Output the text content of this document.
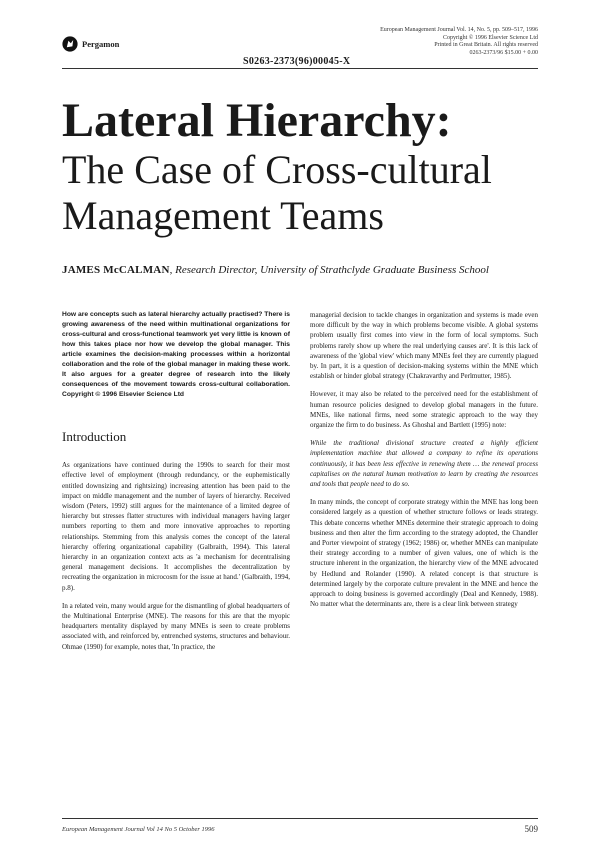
Pergamon
European Management Journal Vol. 14, No. 5, pp. 509–517, 1996
Copyright © 1996 Elsevier Science Ltd
Printed in Great Britain. All rights reserved
0263-2373/96 $15.00 + 0.00
S0263-2373(96)00045-X
Lateral Hierarchy:
The Case of Cross-cultural
Management Teams
JAMES McCALMAN, Research Director, University of Strathclyde Graduate Business School

How are concepts such as lateral hierarchy actually practised? There is growing awareness of the need within multinational organizations for cross-cultural and cross-functional teamwork yet very little is known of how this takes place nor how we develop the global manager. This article examines the decision-making processes within a horizontal collaboration and the role of the global manager in making these work. It also argues for a greater degree of research into the likely consequences of the movement towards cross-cultural collaboration. Copyright © 1996 Elsevier Science Ltd

Introduction

As organizations have continued during the 1990s to search for their most effective level of employment (through redundancy, or the euphemistically entitled downsizing and rightsizing) increasing attention has been paid to the impact on middle management and the number of layers of hierarchy. Received wisdom (Peters, 1992) still argues for the maintenance of a limited degree of hierarchy but stresses flatter structures with individual managers having larger numbers reporting to them and more innovative approaches to reporting relationships. Stemming from this analysis comes the concept of the lateral hierarchy offering organizational capability (Galbraith, 1994). This lateral hierarchy in an organization context acts as 'a mechanism for decentralising general management decisions. It accomplishes the decentralization by recreating the organization in microcosm for the issue at hand.' (Galbraith, 1994, p.8).

In a related vein, many would argue for the dismantling of global headquarters of the Multinational Enterprise (MNE). The reasons for this are that the myopic headquarters mentality displayed by many MNEs is seen to create problems associated with, and reinforced by, entrenched systems, structures and behaviour. Ohmae (1990) for example, notes that, 'In practice, the

managerial decision to tackle changes in organization and systems is made even more difficult by the way in which problems become visible. A global systems problem usually first comes into view in the form of local symptoms. Such problems rarely show up where the real underlying causes are'. It is this lack of awareness of the 'global view' which many MNEs feel they are currently plagued by. In part, it is a question of decision-making systems within the MNE which establish or hinder global strategy (Chakravarthy and Perlmutter, 1985).

However, it may also be related to the perceived need for the establishment of human resource policies designed to develop global managers in the future. MNEs, like national firms, need some strategic approach to the way they organize the firm to do business. As Ghoshal and Bartlett (1995) note:

While the traditional divisional structure created a highly efficient implementation machine that allowed a company to refine its operations continuously, it has been less effective in renewing them … the renewal process capitalises on the natural human motivation to learn by creating the resources and tools that people need to do so.

In many minds, the concept of corporate strategy within the MNE has long been considered largely as a question of whether structure follows or leads strategy. This debate concerns whether MNEs determine their strategic approach to doing business and then alter the firm according to the strategy adopted, the Chandler and Porter viewpoint of strategy (1962; 1986) or, whether MNEs can manipulate their strategy according to a number of given values, one of which is the structure inherent in the organization, the hierarchy view of the MNE advocated by Hedlund and Rolander (1990). A related concept is that structure is determined largely by the corporate culture prevalent in the MNE and hence the approach to doing business is governed accordingly (Deal and Kennedy, 1988). No matter what the determinants are, there is a clear link between strategy

European Management Journal Vol 14 No 5 October 1996	509
